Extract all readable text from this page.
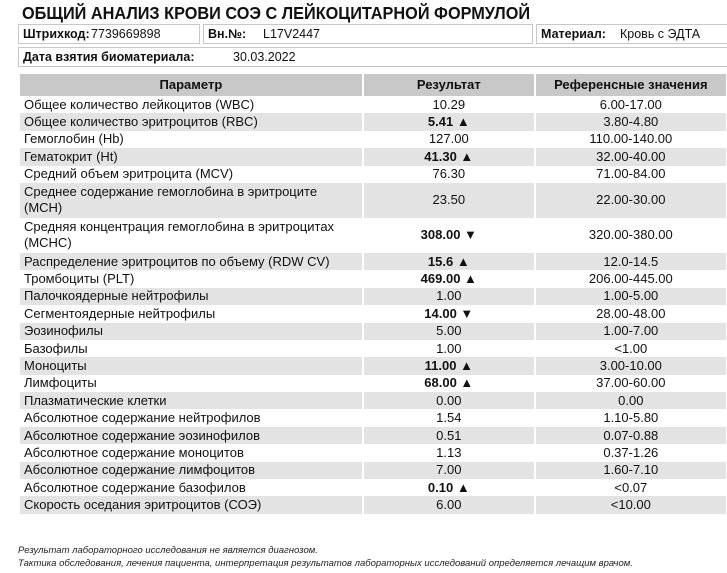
ОБЩИЙ АНАЛИЗ КРОВИ СОЭ С ЛЕЙКОЦИТАРНОЙ ФОРМУЛОЙ
Штрихкод: 7739669898	Вн.№: L17V2447	Материал: Кровь с ЭДТА
Дата взятия биоматериала:	30.03.2022
Параметр	Результат	Референсные значения	
Общее количество лейкоцитов (WBC)	10.29	6.00-17.00	
Общее количество эритроцитов (RBC)	5.41 ▲	3.80-4.80	
Гемоглобин (Hb)	127.00	110.00-140.00	
Гематокрит (Ht)	41.30 ▲	32.00-40.00	
Средний объем эритроцита (MCV)	76.30	71.00-84.00	
Среднее содержание гемоглобина в эритроците (MCH)	23.50	22.00-30.00	
Средняя концентрация гемоглобина в эритроцитах (MCHC)	308.00 ▼	320.00-380.00	
Распределение эритроцитов по объему (RDW CV)	15.6 ▲	12.0-14.5	
Тромбоциты (PLT)	469.00 ▲	206.00-445.00	
Палочкоядерные нейтрофилы	1.00	1.00-5.00	
Сегментоядерные нейтрофилы	14.00 ▼	28.00-48.00	
Эозинофилы	5.00	1.00-7.00	
Базофилы	1.00	<1.00	
Моноциты	11.00 ▲	3.00-10.00	
Лимфоциты	68.00 ▲	37.00-60.00	
Плазматические клетки	0.00	0.00	
Абсолютное содержание нейтрофилов	1.54	1.10-5.80	
Абсолютное содержание эозинофилов	0.51	0.07-0.88	
Абсолютное содержание моноцитов	1.13	0.37-1.26	
Абсолютное содержание лимфоцитов	7.00	1.60-7.10	
Абсолютное содержание базофилов	0.10 ▲	<0.07	
Скорость оседания эритроцитов (СОЭ)	6.00	<10.00	
Результат лабораторного исследования не является диагнозом.
Тактика обследования, лечения пациента, интерпретация результатов лабораторных исследований определяется лечащим врачом.
